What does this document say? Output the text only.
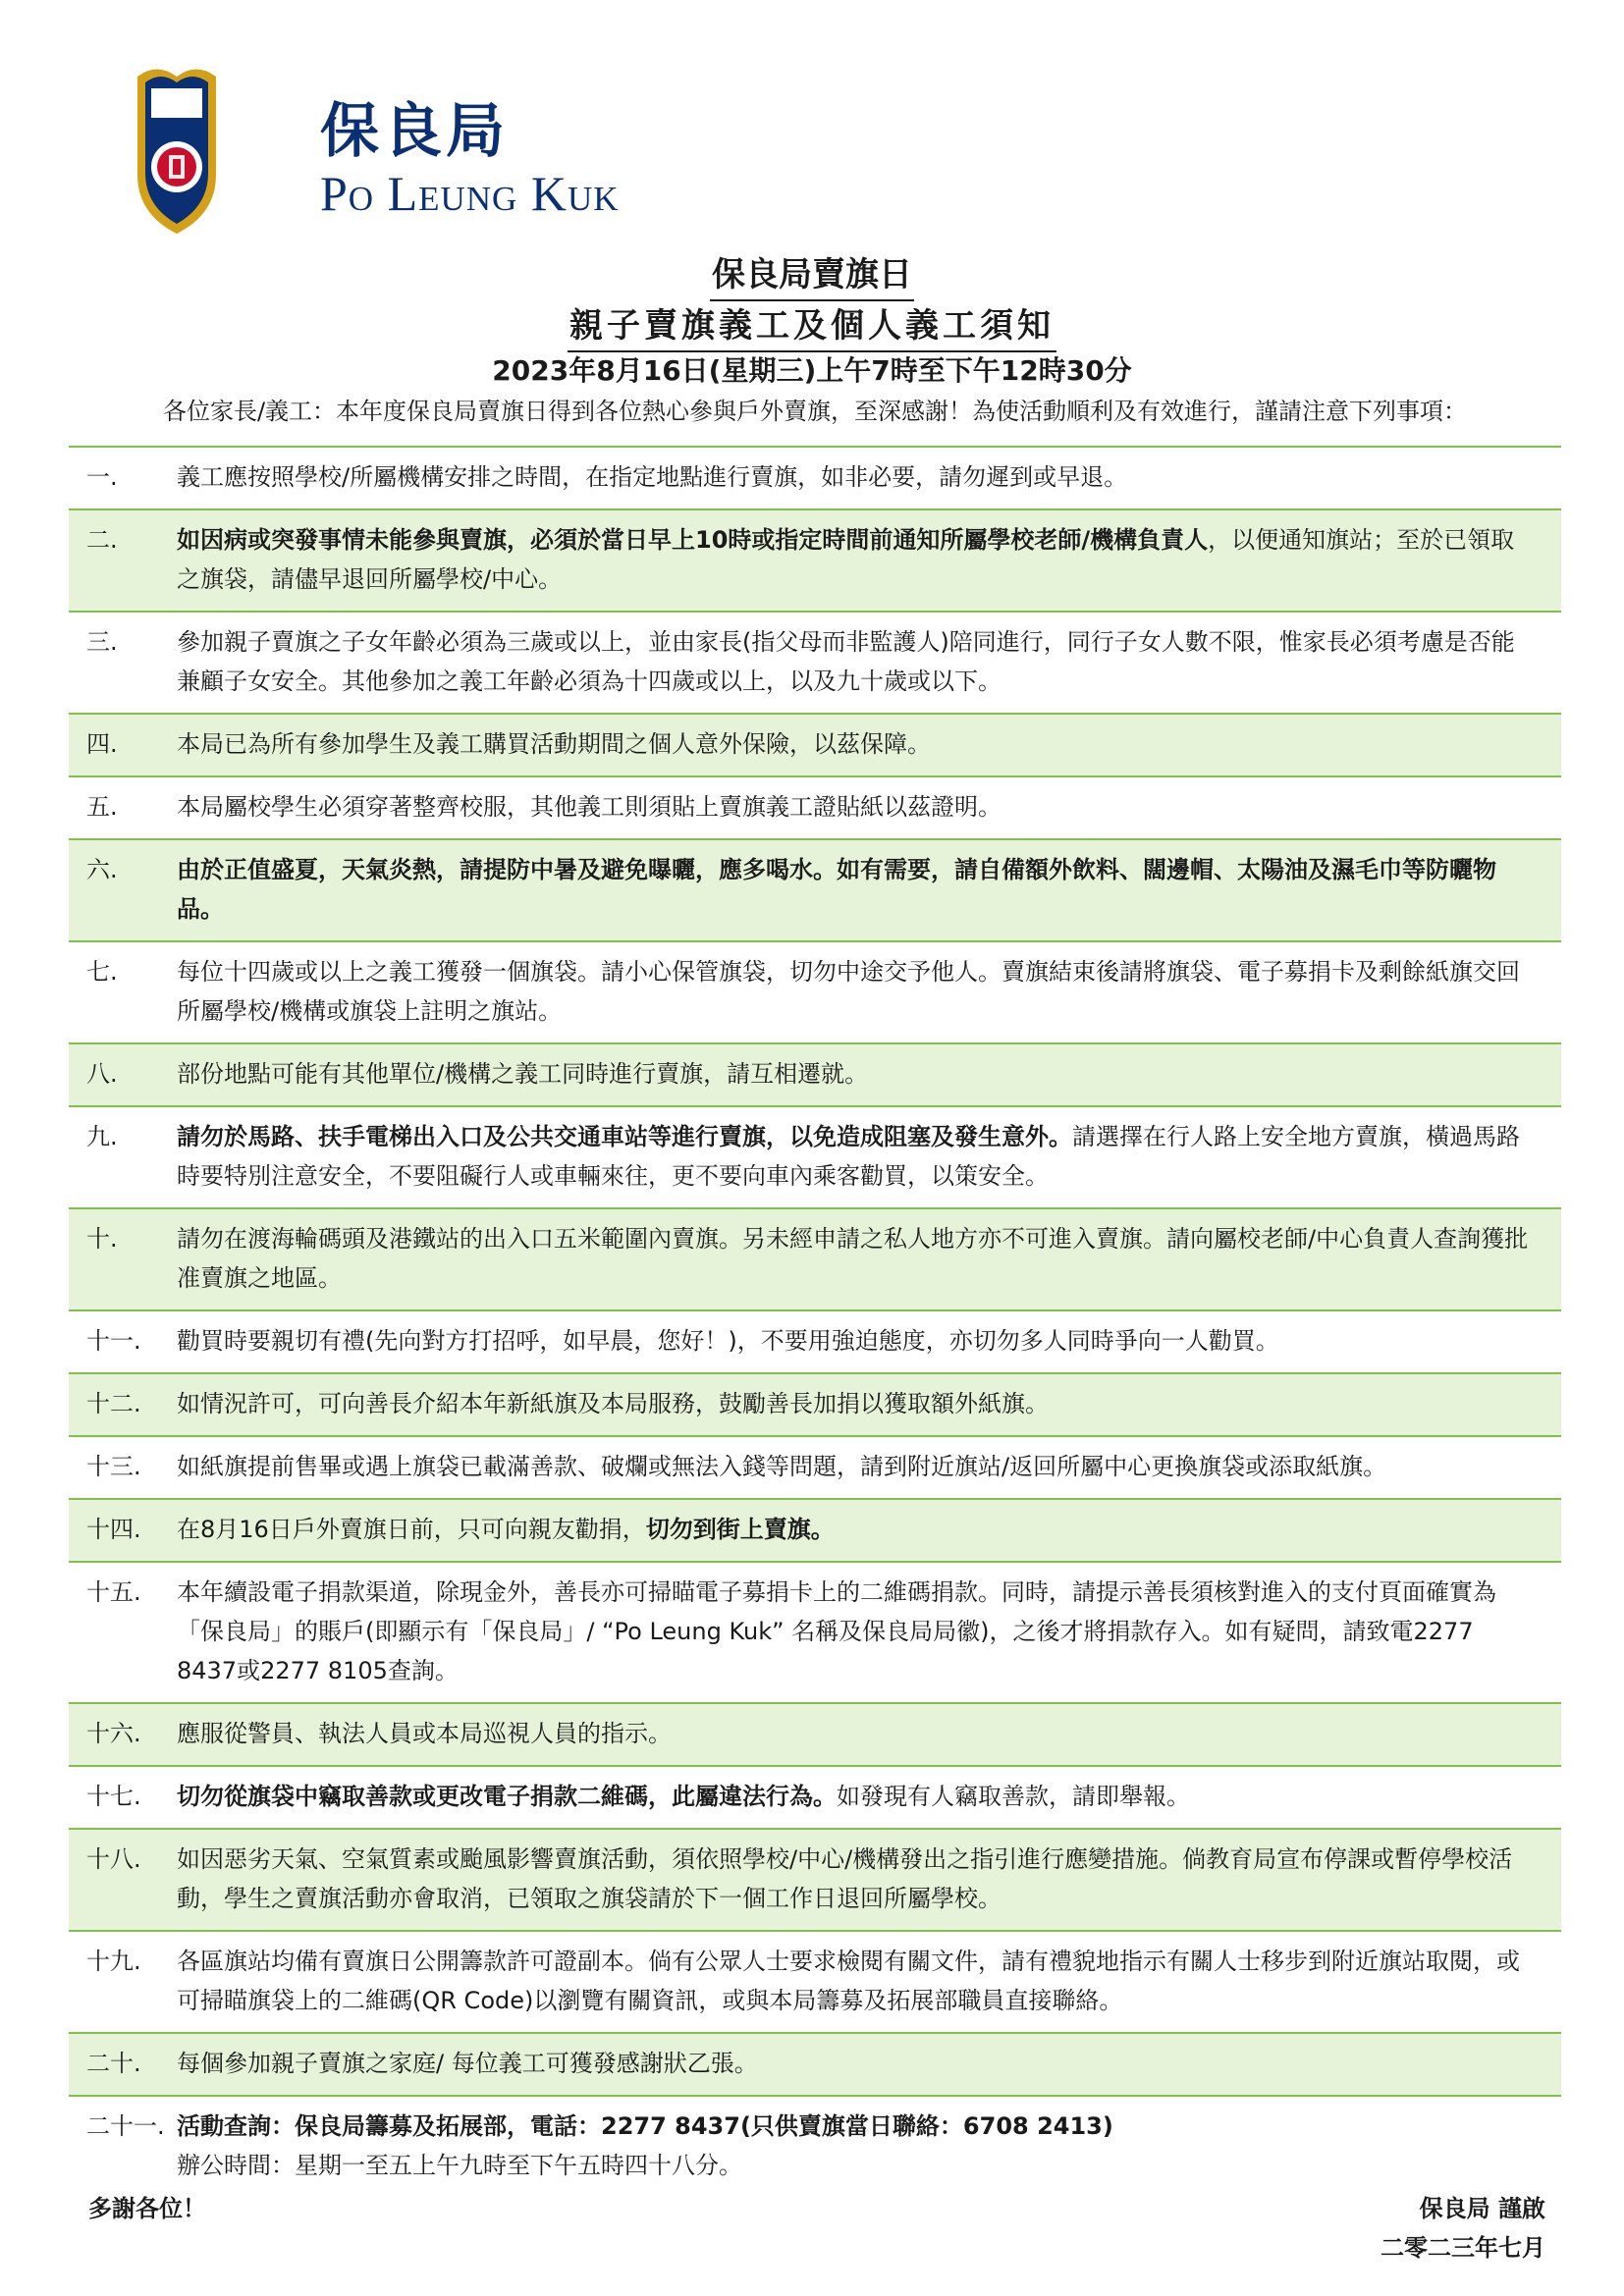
保良局
Po Leung Kuk
保良局賣旗日
親子賣旗義工及個人義工須知
2023年8月16日(星期三)上午7時至下午12時30分
各位家長/義工：本年度保良局賣旗日得到各位熱心參與戶外賣旗，至深感謝！為使活動順利及有效進行，謹請注意下列事項：
一.	義工應按照學校/所屬機構安排之時間，在指定地點進行賣旗，如非必要，請勿遲到或早退。
二.	如因病或突發事情未能參與賣旗，必須於當日早上10時或指定時間前通知所屬學校老師/機構負責人，以便通知旗站；至於已領取之旗袋，請儘早退回所屬學校/中心。
三.	參加親子賣旗之子女年齡必須為三歲或以上，並由家長(指父母而非監護人)陪同進行，同行子女人數不限，惟家長必須考慮是否能兼顧子女安全。其他參加之義工年齡必須為十四歲或以上，以及九十歲或以下。
四.	本局已為所有參加學生及義工購買活動期間之個人意外保險，以茲保障。
五.	本局屬校學生必須穿著整齊校服，其他義工則須貼上賣旗義工證貼紙以茲證明。
六.	由於正值盛夏，天氣炎熱，請提防中暑及避免曝曬，應多喝水。如有需要，請自備額外飲料、闊邊帽、太陽油及濕毛巾等防曬物品。
七.	每位十四歲或以上之義工獲發一個旗袋。請小心保管旗袋，切勿中途交予他人。賣旗結束後請將旗袋、電子募捐卡及剩餘紙旗交回所屬學校/機構或旗袋上註明之旗站。
八.	部份地點可能有其他單位/機構之義工同時進行賣旗，請互相遷就。
九.	請勿於馬路、扶手電梯出入口及公共交通車站等進行賣旗，以免造成阻塞及發生意外。請選擇在行人路上安全地方賣旗，橫過馬路時要特別注意安全，不要阻礙行人或車輛來往，更不要向車內乘客勸買，以策安全。
十.	請勿在渡海輪碼頭及港鐵站的出入口五米範圍內賣旗。另未經申請之私人地方亦不可進入賣旗。請向屬校老師/中心負責人查詢獲批准賣旗之地區。
十一.	勸買時要親切有禮(先向對方打招呼，如早晨，您好！)，不要用強迫態度，亦切勿多人同時爭向一人勸買。
十二.	如情況許可，可向善長介紹本年新紙旗及本局服務，鼓勵善長加捐以獲取額外紙旗。
十三.	如紙旗提前售畢或遇上旗袋已載滿善款、破爛或無法入錢等問題，請到附近旗站/返回所屬中心更換旗袋或添取紙旗。
十四.	在8月16日戶外賣旗日前，只可向親友勸捐，切勿到街上賣旗。
十五.	本年續設電子捐款渠道，除現金外，善長亦可掃瞄電子募捐卡上的二維碼捐款。同時，請提示善長須核對進入的支付頁面確實為「保良局」的賬戶(即顯示有「保良局」/ “Po Leung Kuk” 名稱及保良局局徽)，之後才將捐款存入。如有疑問，請致電2277 8437或2277 8105查詢。
十六.	應服從警員、執法人員或本局巡視人員的指示。
十七.	切勿從旗袋中竊取善款或更改電子捐款二維碼，此屬違法行為。如發現有人竊取善款，請即舉報。
十八.	如因惡劣天氣、空氣質素或颱風影響賣旗活動，須依照學校/中心/機構發出之指引進行應變措施。倘教育局宣布停課或暫停學校活動，學生之賣旗活動亦會取消，已領取之旗袋請於下一個工作日退回所屬學校。
十九.	各區旗站均備有賣旗日公開籌款許可證副本。倘有公眾人士要求檢閱有關文件，請有禮貌地指示有關人士移步到附近旗站取閱，或可掃瞄旗袋上的二維碼(QR Code)以瀏覽有關資訊，或與本局籌募及拓展部職員直接聯絡。
二十.	每個參加親子賣旗之家庭/ 每位義工可獲發感謝狀乙張。
二十一. 活動查詢：保良局籌募及拓展部，電話：2277 8437(只供賣旗當日聯絡：6708 2413)
辦公時間：星期一至五上午九時至下午五時四十八分。
多謝各位！	保良局 謹啟
二零二三年七月
